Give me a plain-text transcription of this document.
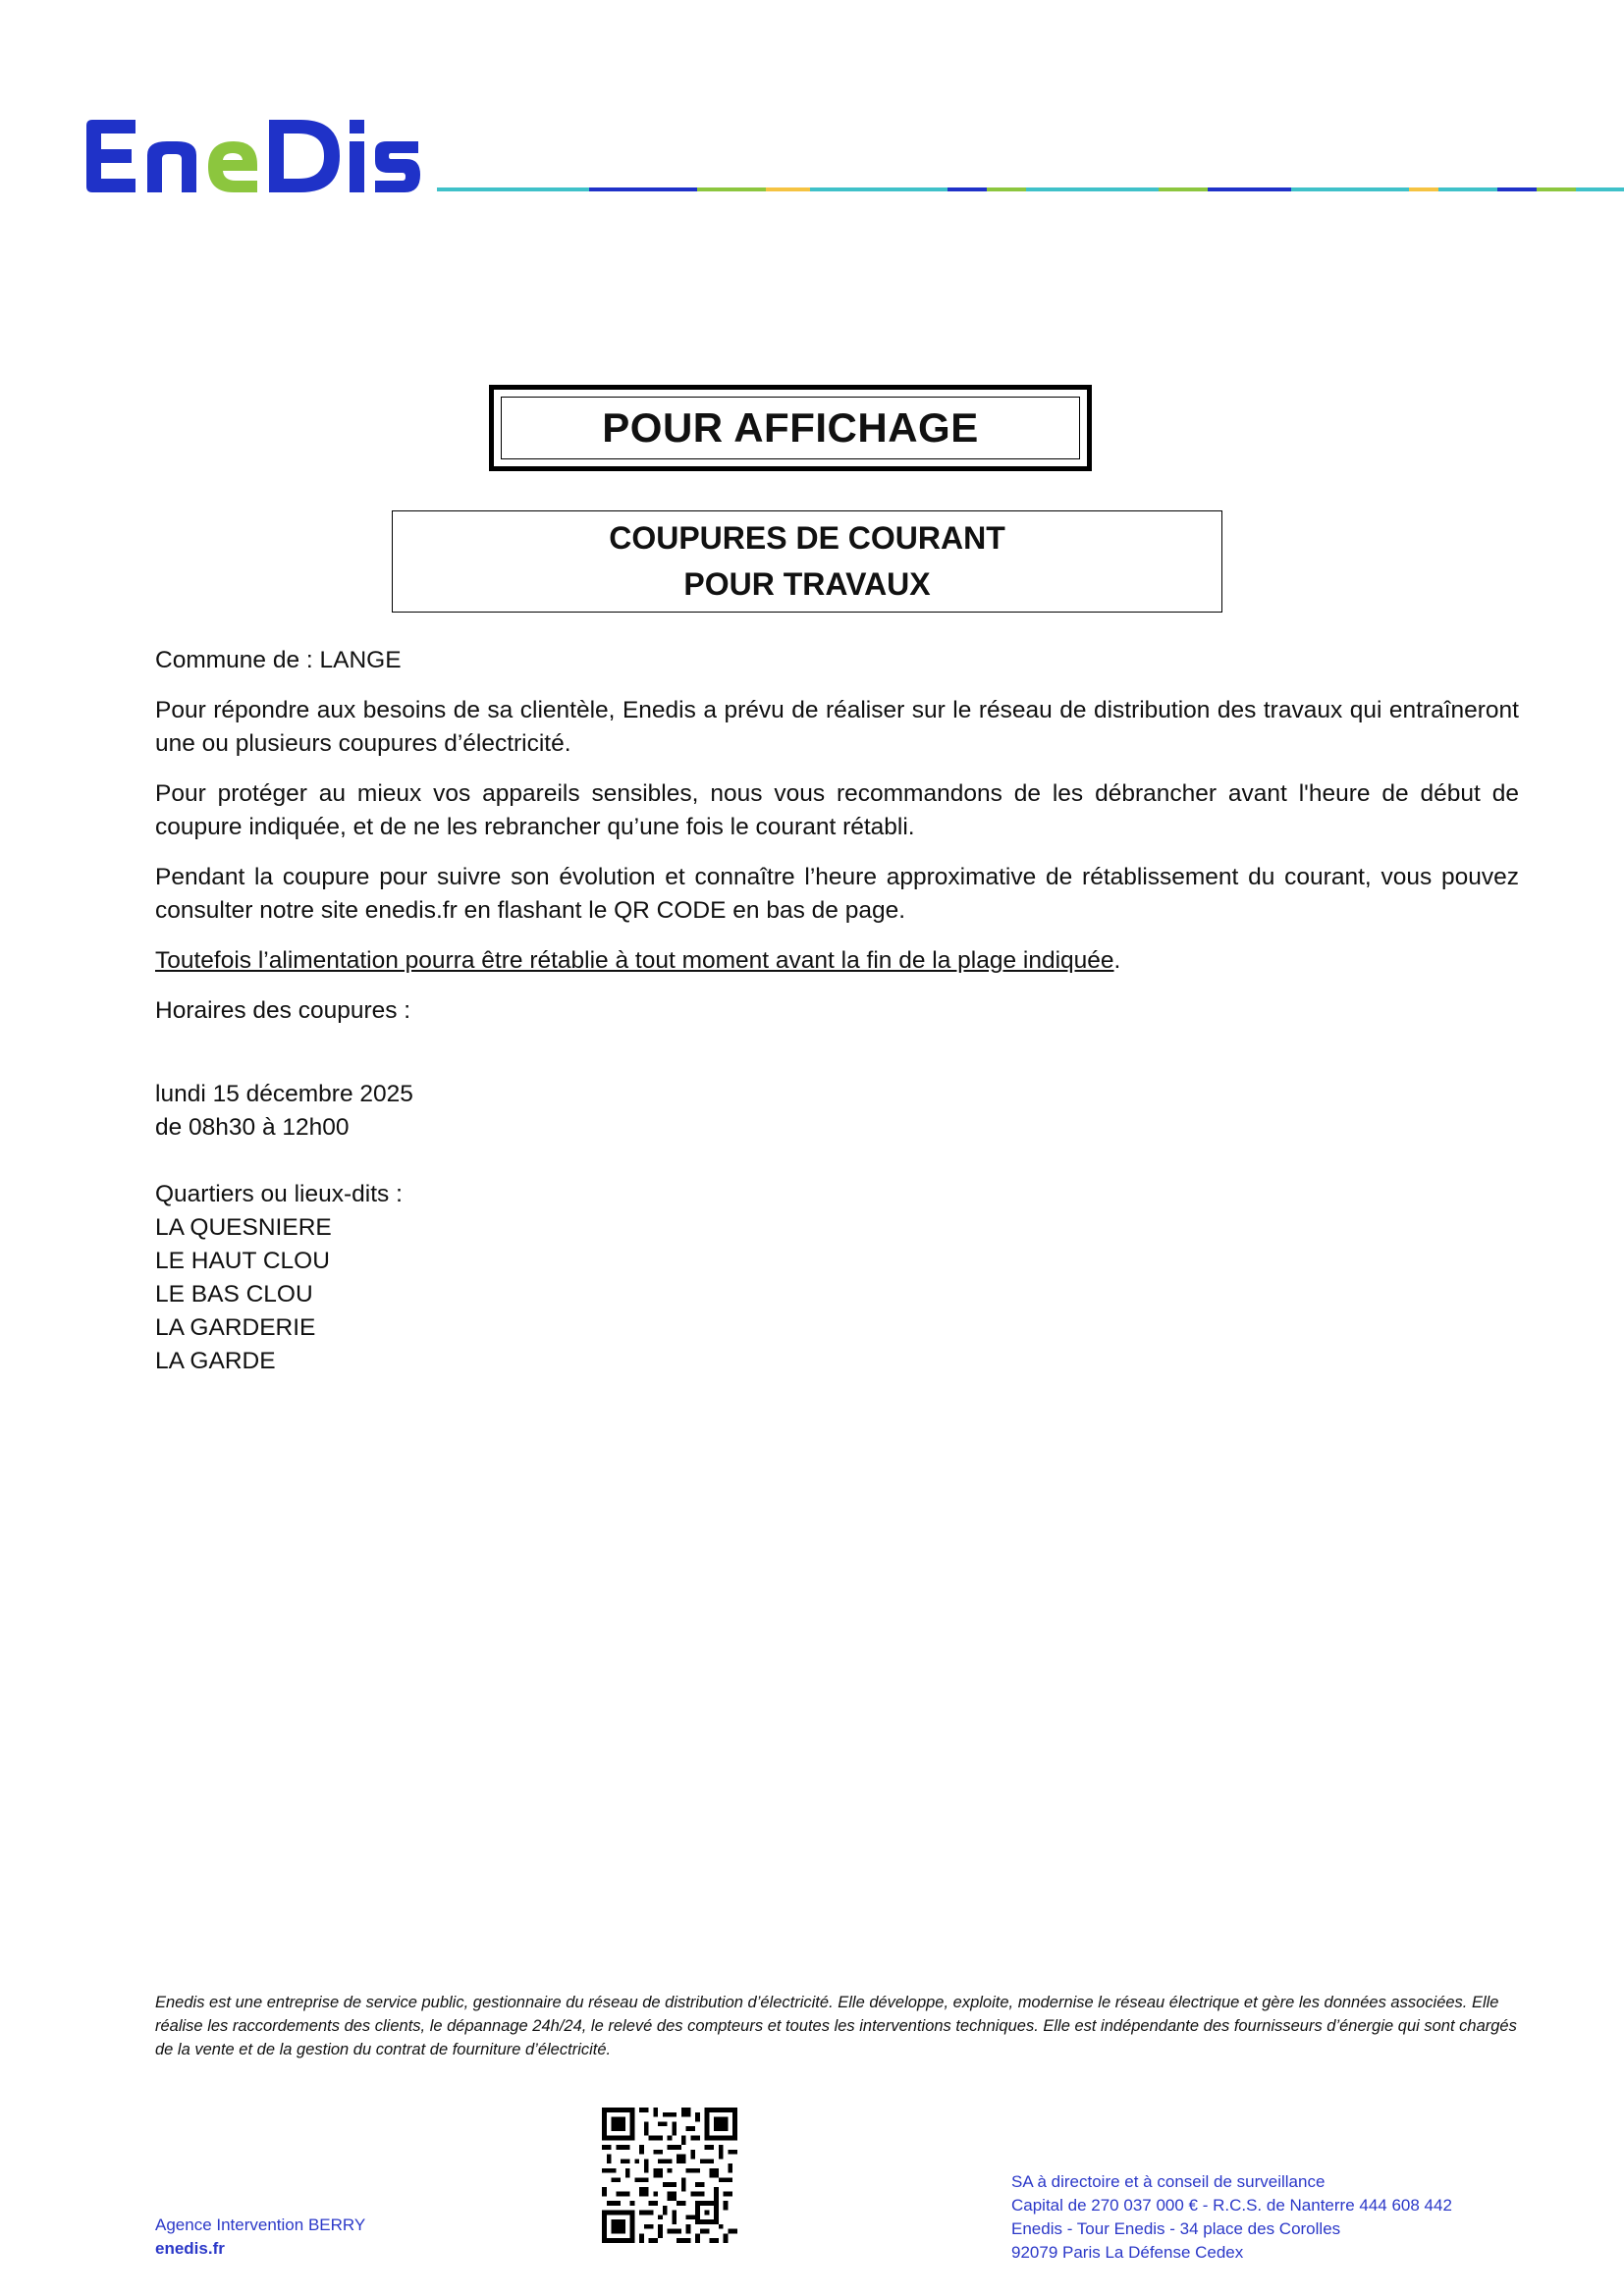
POUR AFFICHAGE
COUPURES DE COURANT
POUR TRAVAUX

Commune de : LANGE

Pour répondre aux besoins de sa clientèle, Enedis a prévu de réaliser sur le réseau de distribution des travaux qui entraîneront une ou plusieurs coupures d’électricité.

Pour protéger au mieux vos appareils sensibles, nous vous recommandons de les débrancher avant l'heure de début de coupure indiquée, et de ne les rebrancher qu’une fois le courant rétabli.

Pendant la coupure pour suivre son évolution et connaître l’heure approximative de rétablissement du courant, vous pouvez consulter notre site enedis.fr en flashant le QR CODE en bas de page.

Toutefois l’alimentation pourra être rétablie à tout moment avant la fin de la plage indiquée.

Horaires des coupures :

lundi 15 décembre 2025
de 08h30 à 12h00
Quartiers ou lieux-dits :
LA QUESNIERE
LE HAUT CLOU
LE BAS CLOU
LA GARDERIE
LA GARDE
Enedis est une entreprise de service public, gestionnaire du réseau de distribution d’électricité. Elle développe, exploite, modernise le réseau électrique et gère les données associées. Elle réalise les raccordements des clients, le dépannage 24h/24, le relevé des compteurs et toutes les interventions techniques. Elle est indépendante des fournisseurs d’énergie qui sont chargés de la vente et de la gestion du contrat de fourniture d’électricité.
Agence Intervention BERRY
enedis.fr
SA à directoire et à conseil de surveillance
Capital de 270 037 000 € - R.C.S. de Nanterre 444 608 442
Enedis - Tour Enedis - 34 place des Corolles
92079 Paris La Défense Cedex
